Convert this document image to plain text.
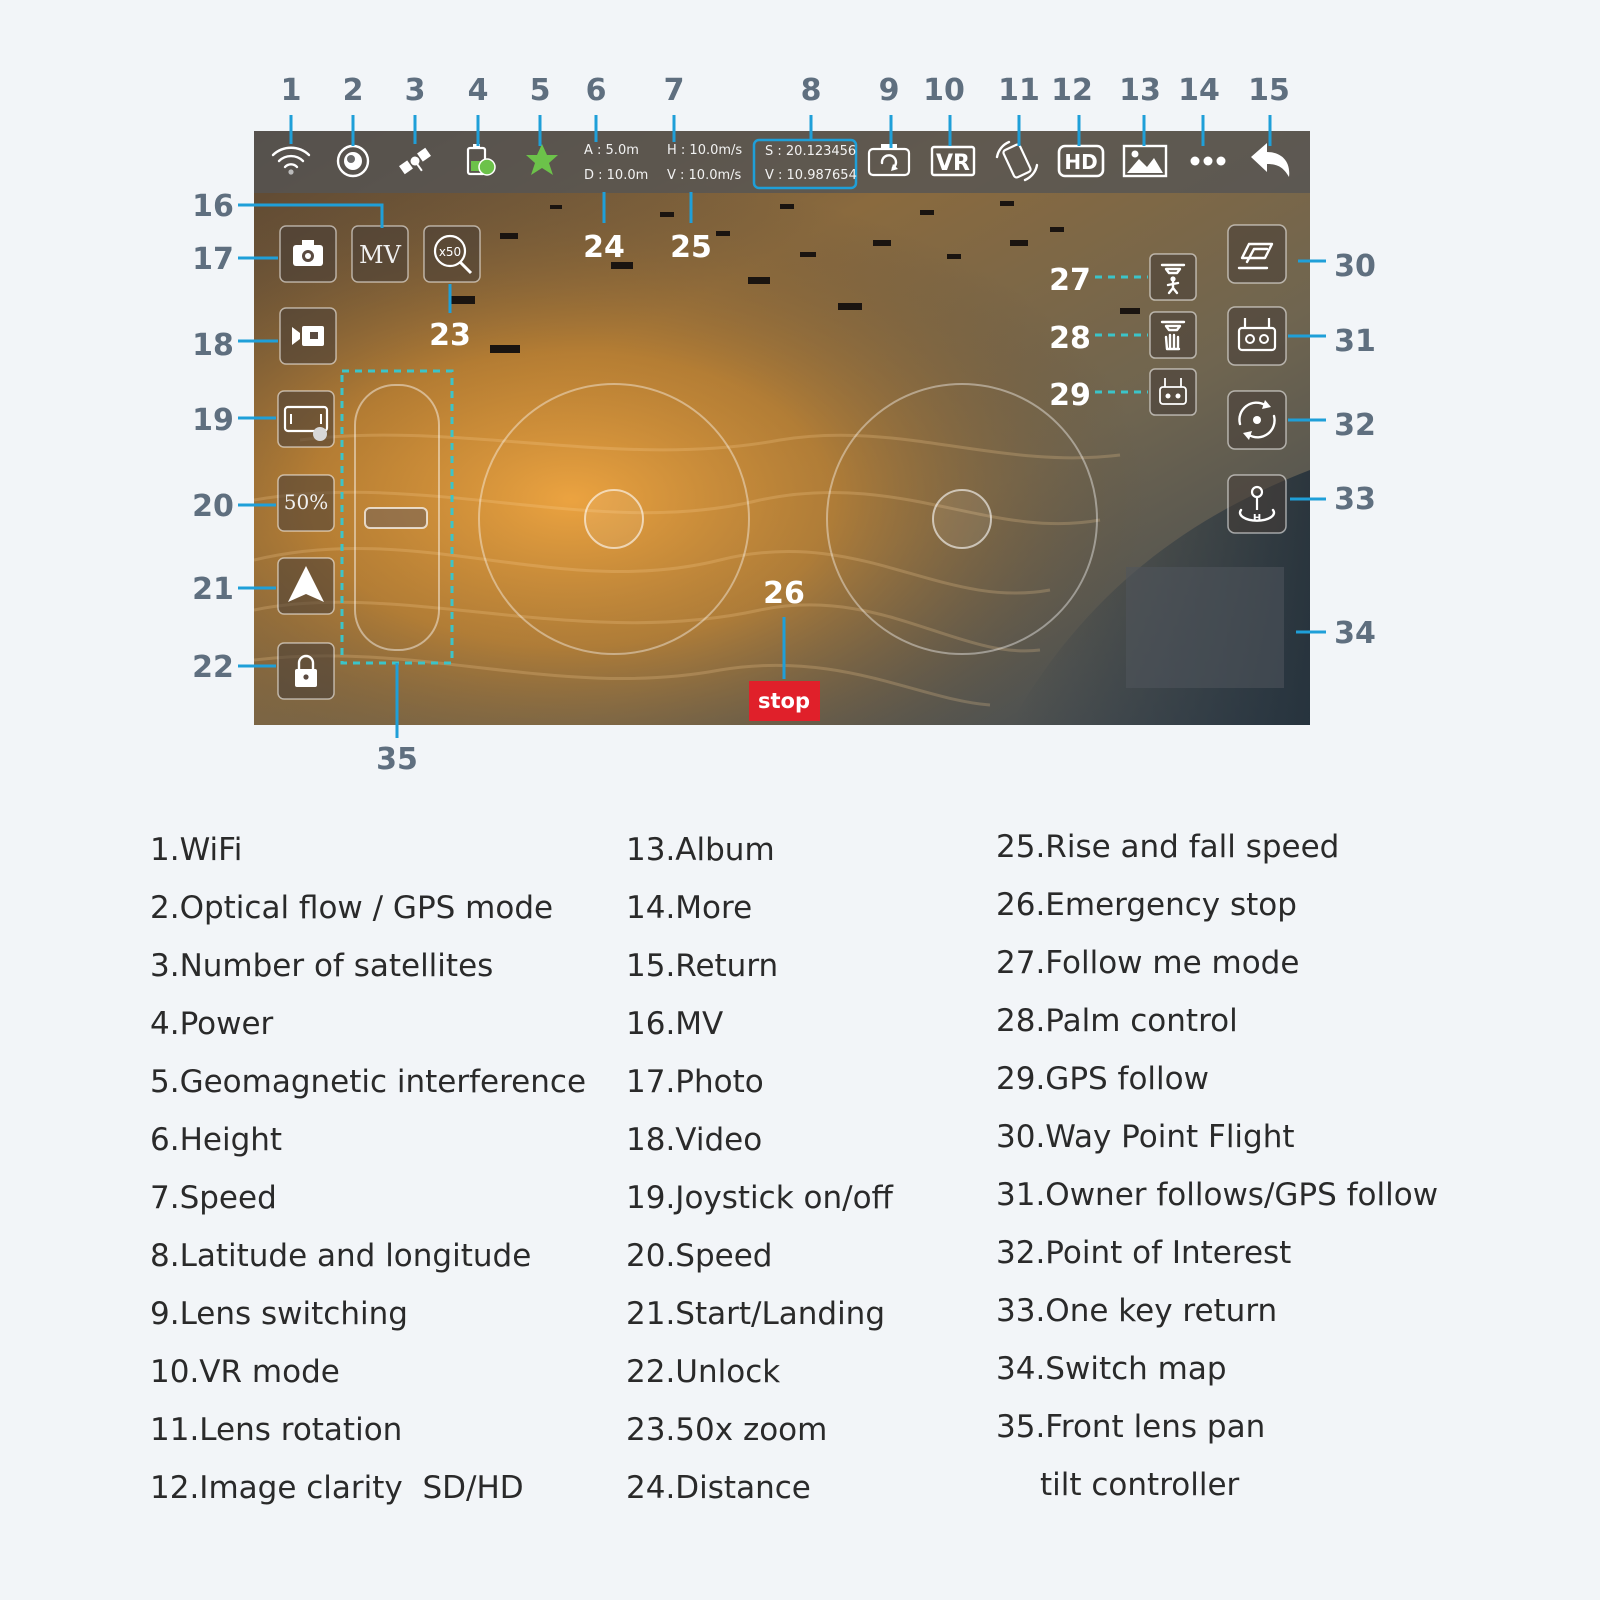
A : 5.0m
D : 10.0m
H : 10.0m/s
V : 10.0m/s
S : 20.123456
V : 10.987654	VR	HD
MV	x50
50%
stop
H
1 2 3 4 5 6 7	8 9 10 11 12 13 14 15
16
17
18
19
20
21
22
23
24 25
26
27
28
29
30
31
32
33
34
35
1.WiFi
2.Optical flow / GPS mode
3.Number of satellites
4.Power
5.Geomagnetic interference
6.Height
7.Speed
8.Latitude and longitude
9.Lens switching
10.VR mode
11.Lens rotation
12.Image clarity  SD/HD
13.Album
14.More
15.Return
16.MV
17.Photo
18.Video
19.Joystick on/off
20.Speed
21.Start/Landing
22.Unlock
23.50x zoom
24.Distance
25.Rise and fall speed
26.Emergency stop
27.Follow me mode
28.Palm control
29.GPS follow
30.Way Point Flight
31.Owner follows/GPS follow
32.Point of Interest
33.One key return
34.Switch map
35.Front lens pan
tilt controller
